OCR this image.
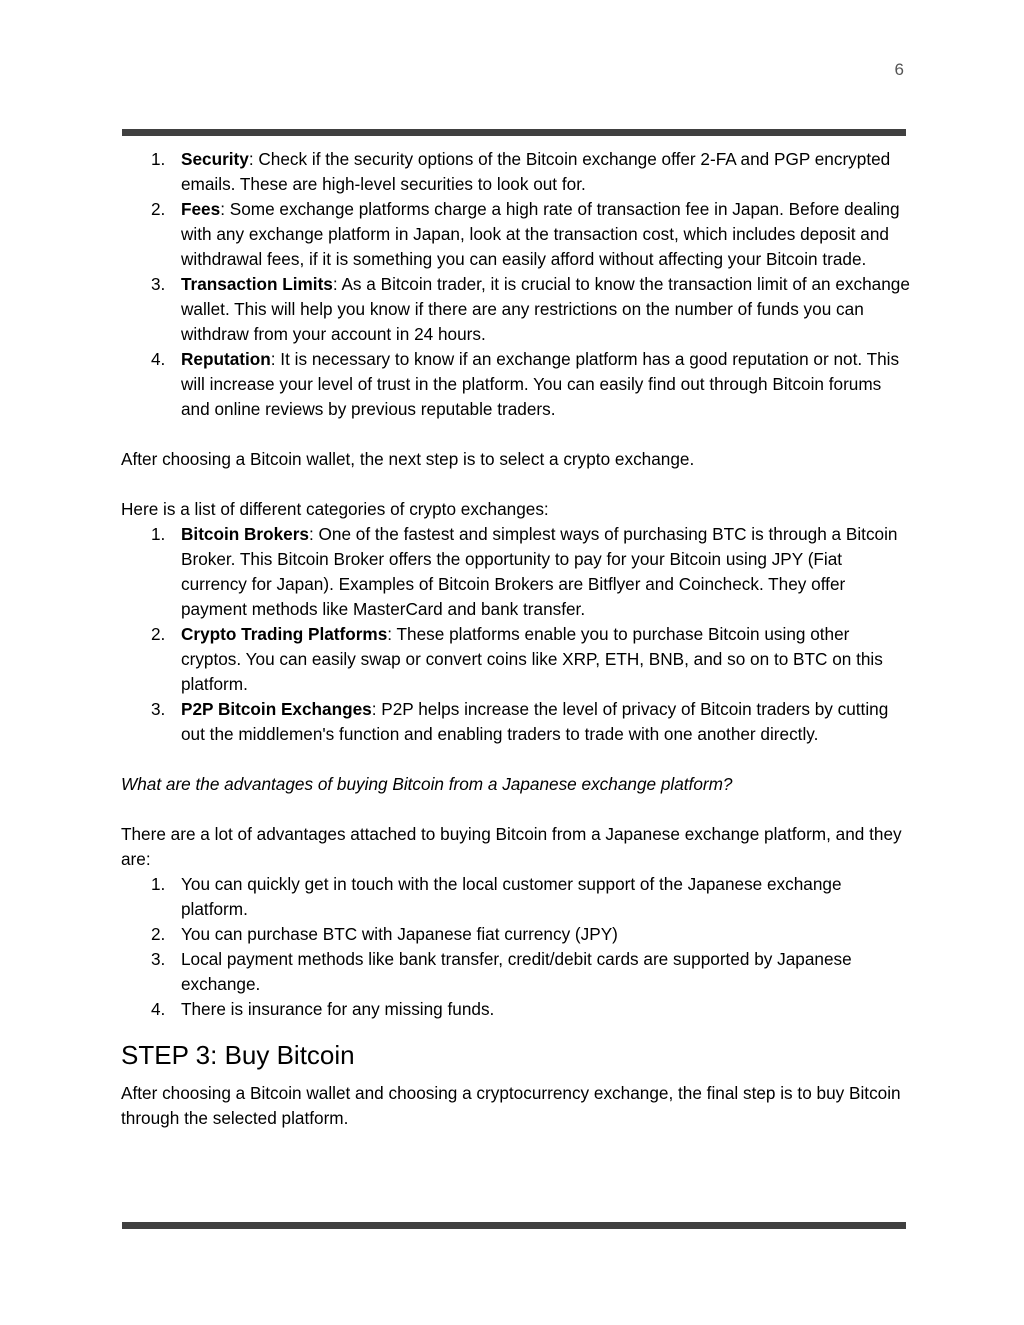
6
1. Security: Check if the security options of the Bitcoin exchange offer 2-FA and PGP encrypted emails. These are high-level securities to look out for.
2. Fees: Some exchange platforms charge a high rate of transaction fee in Japan. Before dealing with any exchange platform in Japan, look at the transaction cost, which includes deposit and withdrawal fees, if it is something you can easily afford without affecting your Bitcoin trade.
3. Transaction Limits: As a Bitcoin trader, it is crucial to know the transaction limit of an exchange wallet. This will help you know if there are any restrictions on the number of funds you can withdraw from your account in 24 hours.
4. Reputation: It is necessary to know if an exchange platform has a good reputation or not. This will increase your level of trust in the platform. You can easily find out through Bitcoin forums and online reviews by previous reputable traders.

After choosing a Bitcoin wallet, the next step is to select a crypto exchange.

Here is a list of different categories of crypto exchanges:

1. Bitcoin Brokers: One of the fastest and simplest ways of purchasing BTC is through a Bitcoin Broker. This Bitcoin Broker offers the opportunity to pay for your Bitcoin using JPY (Fiat currency for Japan). Examples of Bitcoin Brokers are Bitflyer and Coincheck. They offer payment methods like MasterCard and bank transfer.
2. Crypto Trading Platforms: These platforms enable you to purchase Bitcoin using other cryptos. You can easily swap or convert coins like XRP, ETH, BNB, and so on to BTC on this platform.
3. P2P Bitcoin Exchanges: P2P helps increase the level of privacy of Bitcoin traders by cutting out the middlemen's function and enabling traders to trade with one another directly.

What are the advantages of buying Bitcoin from a Japanese exchange platform?

There are a lot of advantages attached to buying Bitcoin from a Japanese exchange platform, and they are:

1. You can quickly get in touch with the local customer support of the Japanese exchange platform.
2. You can purchase BTC with Japanese fiat currency (JPY)
3. Local payment methods like bank transfer, credit/debit cards are supported by Japanese exchange.
4. There is insurance for any missing funds.
STEP 3: Buy Bitcoin

After choosing a Bitcoin wallet and choosing a cryptocurrency exchange, the final step is to buy Bitcoin through the selected platform.
